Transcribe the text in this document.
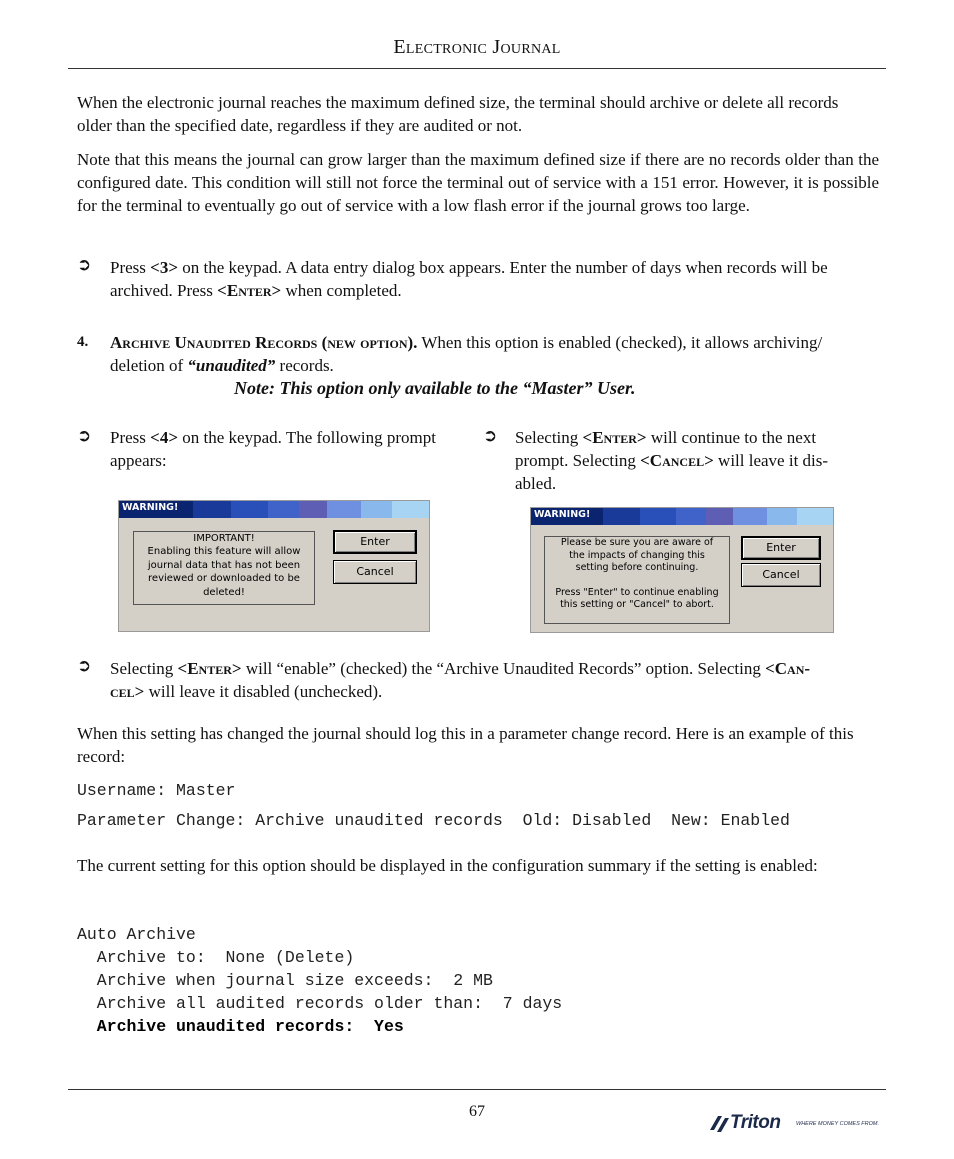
Electronic Journal
When the electronic journal reaches the maximum defined size, the terminal should archive or delete all records older than the specified date, regardless if they are audited or not.
Note that this means the journal can grow larger than the maximum defined size if there are no records older than the configured date. This condition will still not force the terminal out of service with a 151 error. However, it is possible for the terminal to eventually go out of service with a low flash error if the journal grows too large.
➲ Press <3> on the keypad. A data entry dialog box appears. Enter the number of days when records will be archived. Press <Enter> when completed.
4. Archive Unaudited Records (new option). When this option is enabled (checked), it allows archiving/
deletion of “unaudited” records.
Note: This option only available to the “Master” User.
➲ Press <4> on the keypad. The following prompt
appears:
➲ Selecting <Enter> will continue to the next
prompt. Selecting <Cancel> will leave it dis-
abled.
WARNING!
IMPORTANT!
Enabling this feature will allow
journal data that has not been
reviewed or downloaded to be
deleted!
Enter
Cancel
WARNING!
Please be sure you are aware of
the impacts of changing this
setting before continuing.
Press "Enter" to continue enabling
this setting or "Cancel" to abort.
Enter
Cancel
➲ Selecting <Enter> will “enable” (checked) the “Archive Unaudited Records” option. Selecting <Can-
cel> will leave it disabled (unchecked).
When this setting has changed the journal should log this in a parameter change record. Here is an example of this record:
Username: Master
Parameter Change: Archive unaudited records  Old: Disabled  New: Enabled
The current setting for this option should be displayed in the configuration summary if the setting is enabled:
Auto Archive
Archive to:  None (Delete)
Archive when journal size exceeds:  2 MB
Archive all audited records older than:  7 days
Archive unaudited records:  Yes
67
Triton	WHERE MONEY COMES FROM.
